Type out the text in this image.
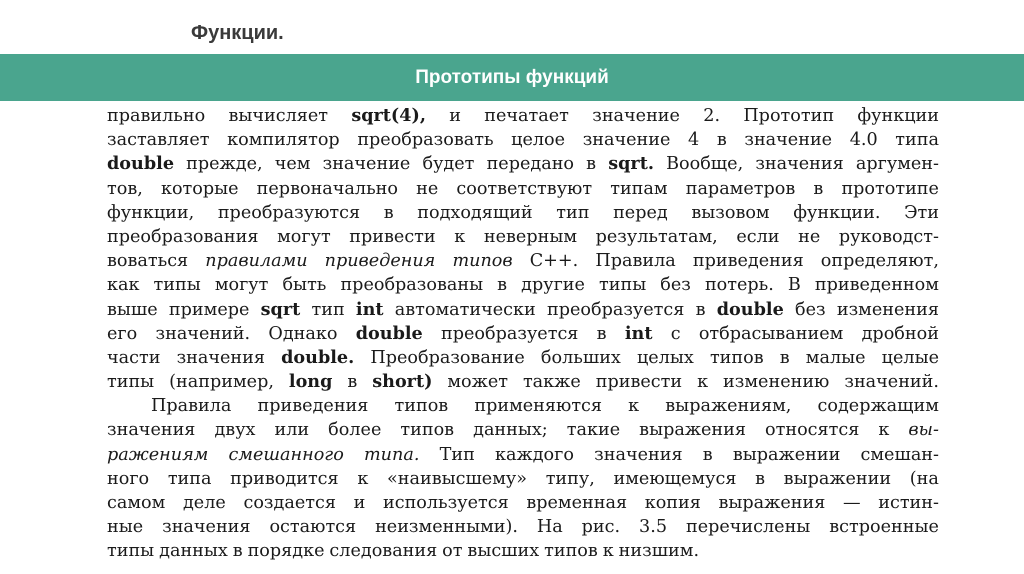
Функции.
Прототипы функций
правильно вычисляет sqrt(4), и печатает значение 2. Прототип функции
заставляет компилятор преобразовать целое значение 4 в значение 4.0 типа
double прежде, чем значение будет передано в sqrt. Вообще, значения аргумен-
тов, которые первоначально не соответствуют типам параметров в прототипе
функции, преобразуются в подходящий тип перед вызовом функции. Эти
преобразования могут привести к неверным результатам, если не руководст-
воваться правилами приведения типов C++. Правила приведения определяют,
как типы могут быть преобразованы в другие типы без потерь. В приведенном
выше примере sqrt тип int автоматически преобразуется в double без изменения
его значений. Однако double преобразуется в int с отбрасыванием дробной
части значения double. Преобразование больших целых типов в малые целые
типы (например, long в short) может также привести к изменению значений.
Правила приведения типов применяются к выражениям, содержащим
значения двух или более типов данных; такие выражения относятся к вы-
ражениям смешанного типа. Тип каждого значения в выражении смешан-
ного типа приводится к «наивысшему» типу, имеющемуся в выражении (на
самом деле создается и используется временная копия выражения — истин-
ные значения остаются неизменными). На рис. 3.5 перечислены встроенные
типы данных в порядке следования от высших типов к низшим.
